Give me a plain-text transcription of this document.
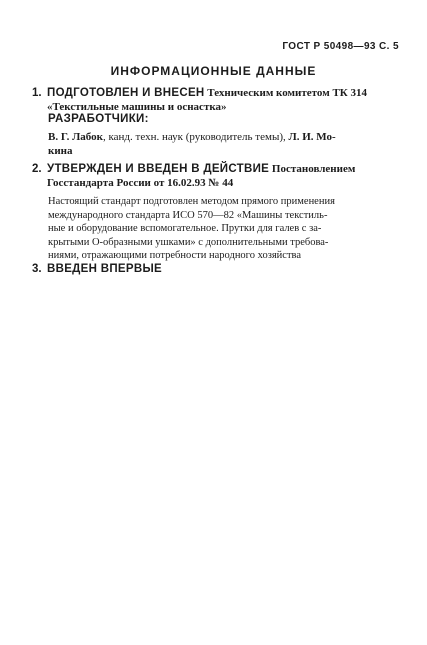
ГОСТ Р 50498—93 С. 5
ИНФОРМАЦИОННЫЕ ДАННЫЕ
1. ПОДГОТОВЛЕН И ВНЕСЕН Техническим комитетом ТК 314
«Текстильные машины и оснастка»
РАЗРАБОТЧИКИ:
В. Г. Лабок, канд. техн. наук (руководитель темы), Л. И. Мо-
кина
2. УТВЕРЖДЕН И ВВЕДЕН В ДЕЙСТВИЕ Постановлением
Госстандарта России от 16.02.93 № 44
Настоящий стандарт подготовлен методом прямого применения
международного стандарта ИСО 570—82 «Машины текстиль-
ные и оборудование вспомогательное. Прутки для галев с за-
крытыми О-образными ушками» с дополнительными требова-
ниями, отражающими потребности народного хозяйства
3. ВВЕДЕН ВПЕРВЫЕ
